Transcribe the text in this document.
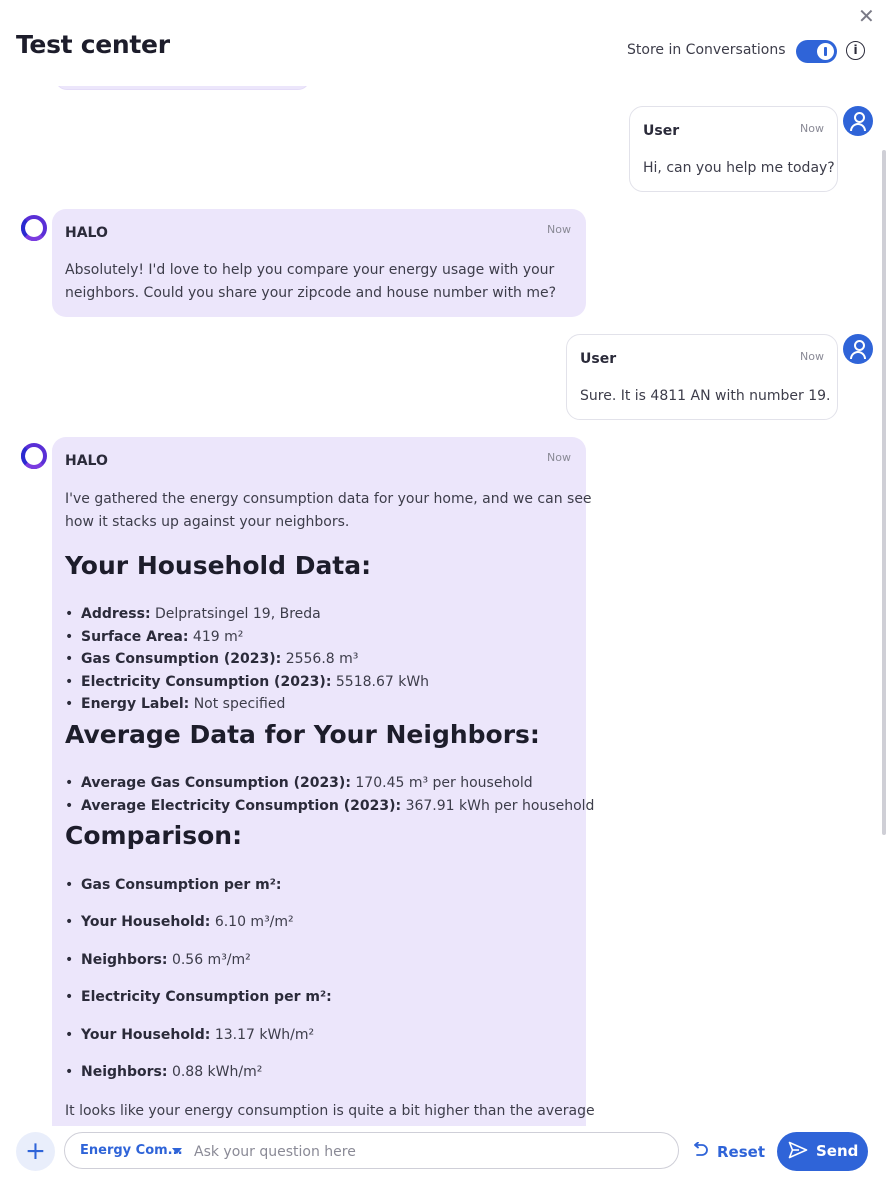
Test center
✕
Store in Conversations	i
User	Now
Hi, can you help me today?
HALO	Now
Absolutely! I'd love to help you compare your energy usage with your
neighbors. Could you share your zipcode and house number with me?
User	Now
Sure. It is 4811 AN with number 19.
HALO	Now
I've gathered the energy consumption data for your home, and we can see
how it stacks up against your neighbors.
Your Household Data:
• Address: Delpratsingel 19, Breda
• Surface Area: 419 m²
• Gas Consumption (2023): 2556.8 m³
• Electricity Consumption (2023): 5518.67 kWh
• Energy Label: Not specified
Average Data for Your Neighbors:
• Average Gas Consumption (2023): 170.45 m³ per household
• Average Electricity Consumption (2023): 367.91 kWh per household
Comparison:
• Gas Consumption per m²:
• Your Household: 6.10 m³/m²
• Neighbors: 0.56 m³/m²
• Electricity Consumption per m²:
• Your Household: 13.17 kWh/m²
• Neighbors: 0.88 kWh/m²
It looks like your energy consumption is quite a bit higher than the average
+	Energy Com...
Ask your question here	Reset	Send
